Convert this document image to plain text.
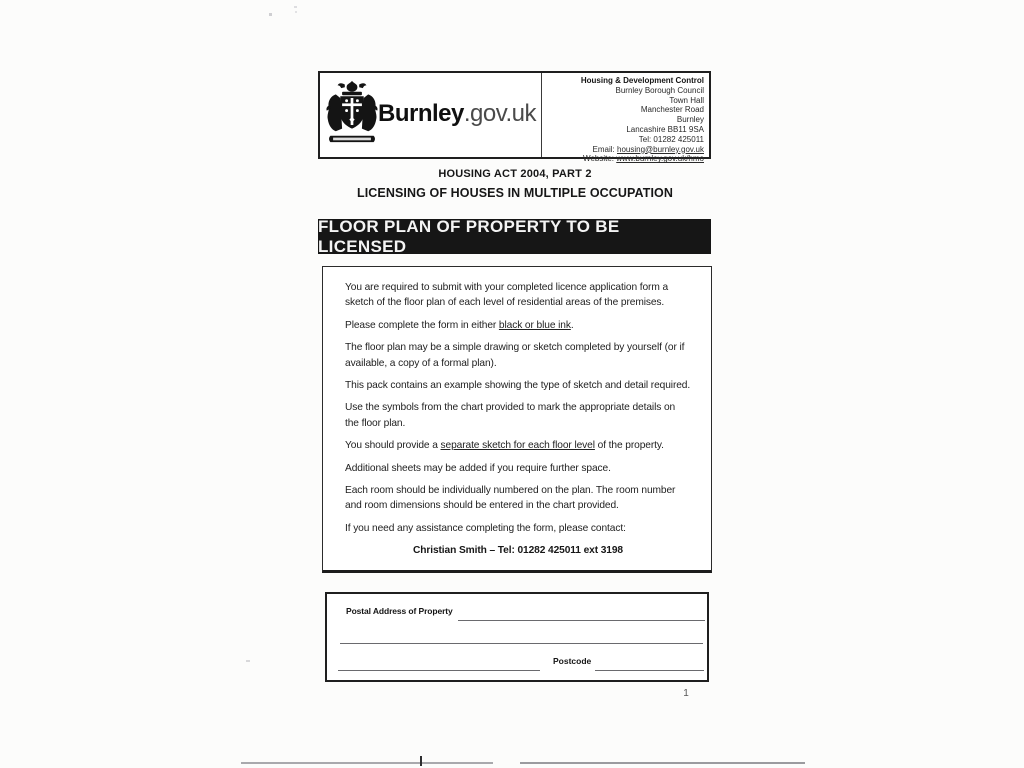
Burnley.gov.uk
Housing & Development Control
Burnley Borough Council
Town Hall
Manchester Road
Burnley
Lancashire BB11 9SA
Tel: 01282 425011
Email: housing@burnley.gov.uk
Website: www.burnley.gov.uk/hmo
HOUSING ACT 2004, PART 2
LICENSING OF HOUSES IN MULTIPLE OCCUPATION
FLOOR PLAN OF PROPERTY TO BE LICENSED

You are required to submit with your completed licence application form a sketch of the floor plan of each level of residential areas of the premises.

Please complete the form in either black or blue ink.

The floor plan may be a simple drawing or sketch completed by yourself (or if available, a copy of a formal plan).

This pack contains an example showing the type of sketch and detail required.

Use the symbols from the chart provided to mark the appropriate details on the floor plan.

You should provide a separate sketch for each floor level of the property.

Additional sheets may be added if you require further space.

Each room should be individually numbered on the plan. The room number and room dimensions should be entered in the chart provided.

If you need any assistance completing the form, please contact:

Christian Smith – Tel: 01282 425011 ext 3198

Postal Address of Property
Postcode
1
